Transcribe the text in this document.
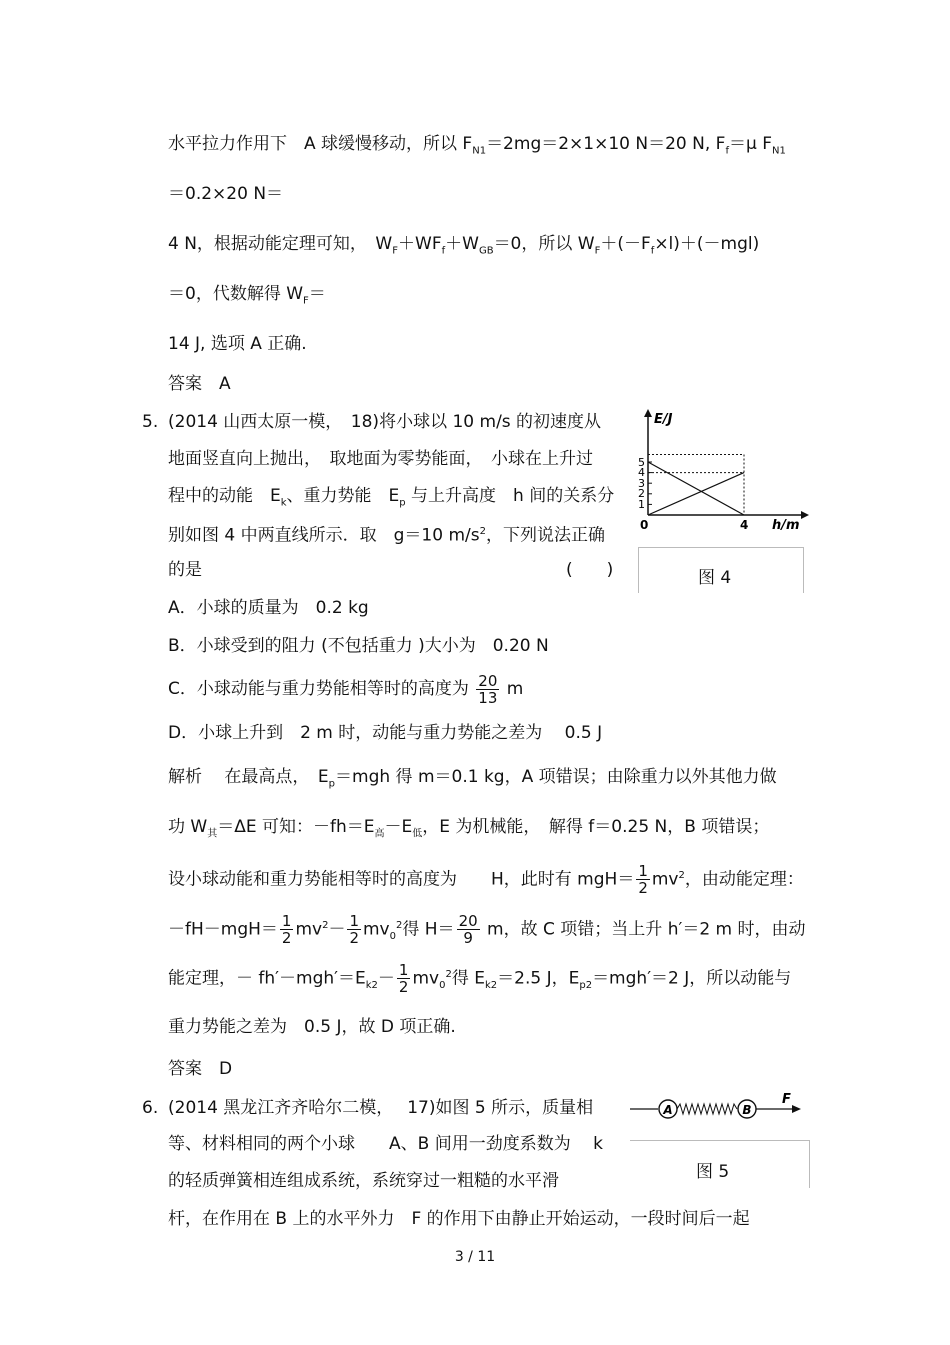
水平拉力作用下　A 球缓慢移动，所以 $F_{N1}=2mg=2\times 1\times 10$ N＝20 N, $F_f=\mu$ $F_{N1}$
＝0.2×20 N＝
4 N，根据动能定理可知，　$W_F+WF_f+W_{GB}=0$，所以 $W_F+(-F_f\times l)+(-mgl)$
＝0，代数解得 $W_F=$
14 J, 选项 A 正确.
答案　A
5. (2014 山西太原一模，　18)将小球以 10 m/s 的初速度从
地面竖直向上抛出，　取地面为零势能面，　小球在上升过
程中的动能　$E_k$、重力势能　$E_p$ 与上升高度　h 间的关系分
别如图 4 中两直线所示．取　g＝10 $m/s^2$，下列说法正确
的是	(　　)
1
2
3
4
5
0	4
E/J
h/m
图 4
A．小球的质量为　0.2 kg
B．小球受到的阻力 (不包括重力 )大小为　0.20 N
C．小球动能与重力势能相等时的高度为 $\frac{20}{13}$ m
D．小球上升到　2 m 时，动能与重力势能之差为　 0.5 J
解析　 在最高点，　$E_p=mgh$ 得 m＝0.1 kg，A 项错误；由除重力以外其他力做
功 $W_其=\Delta E$ 可知：$-fh=E_高-E_低$，E 为机械能，　解得 f＝0.25 N，B 项错误；
设小球动能和重力势能相等时的高度为　　H，此时有 $mgH= \frac{1}{2} mv^2$，由动能定理：
$-fH-mgH= \frac{1}{2} mv^2- \frac{1}{2} mv_0^2$得 $H= \frac{20}{9}$ m，故 C 项错；当上升 h′＝2 m 时，由动
能定理，－ $fh'-mgh'=E_{k2}- \frac{1}{2} mv_0^2$得 $E_{k2}=2.5$ J，$E_{p2}=mgh'=2$ J，所以动能与
重力势能之差为　0.5 J，故 D 项正确.
答案　D
6. (2014 黑龙江齐齐哈尔二模，　 17)如图 5 所示，质量相
等、材料相同的两个小球　　A、B 间用一劲度系数为　 k
的轻质弹簧相连组成系统，系统穿过一粗糙的水平滑
杆，在作用在 B 上的水平外力　F 的作用下由静止开始运动，一段时间后一起
A	B
F
图 5
3 / 11
